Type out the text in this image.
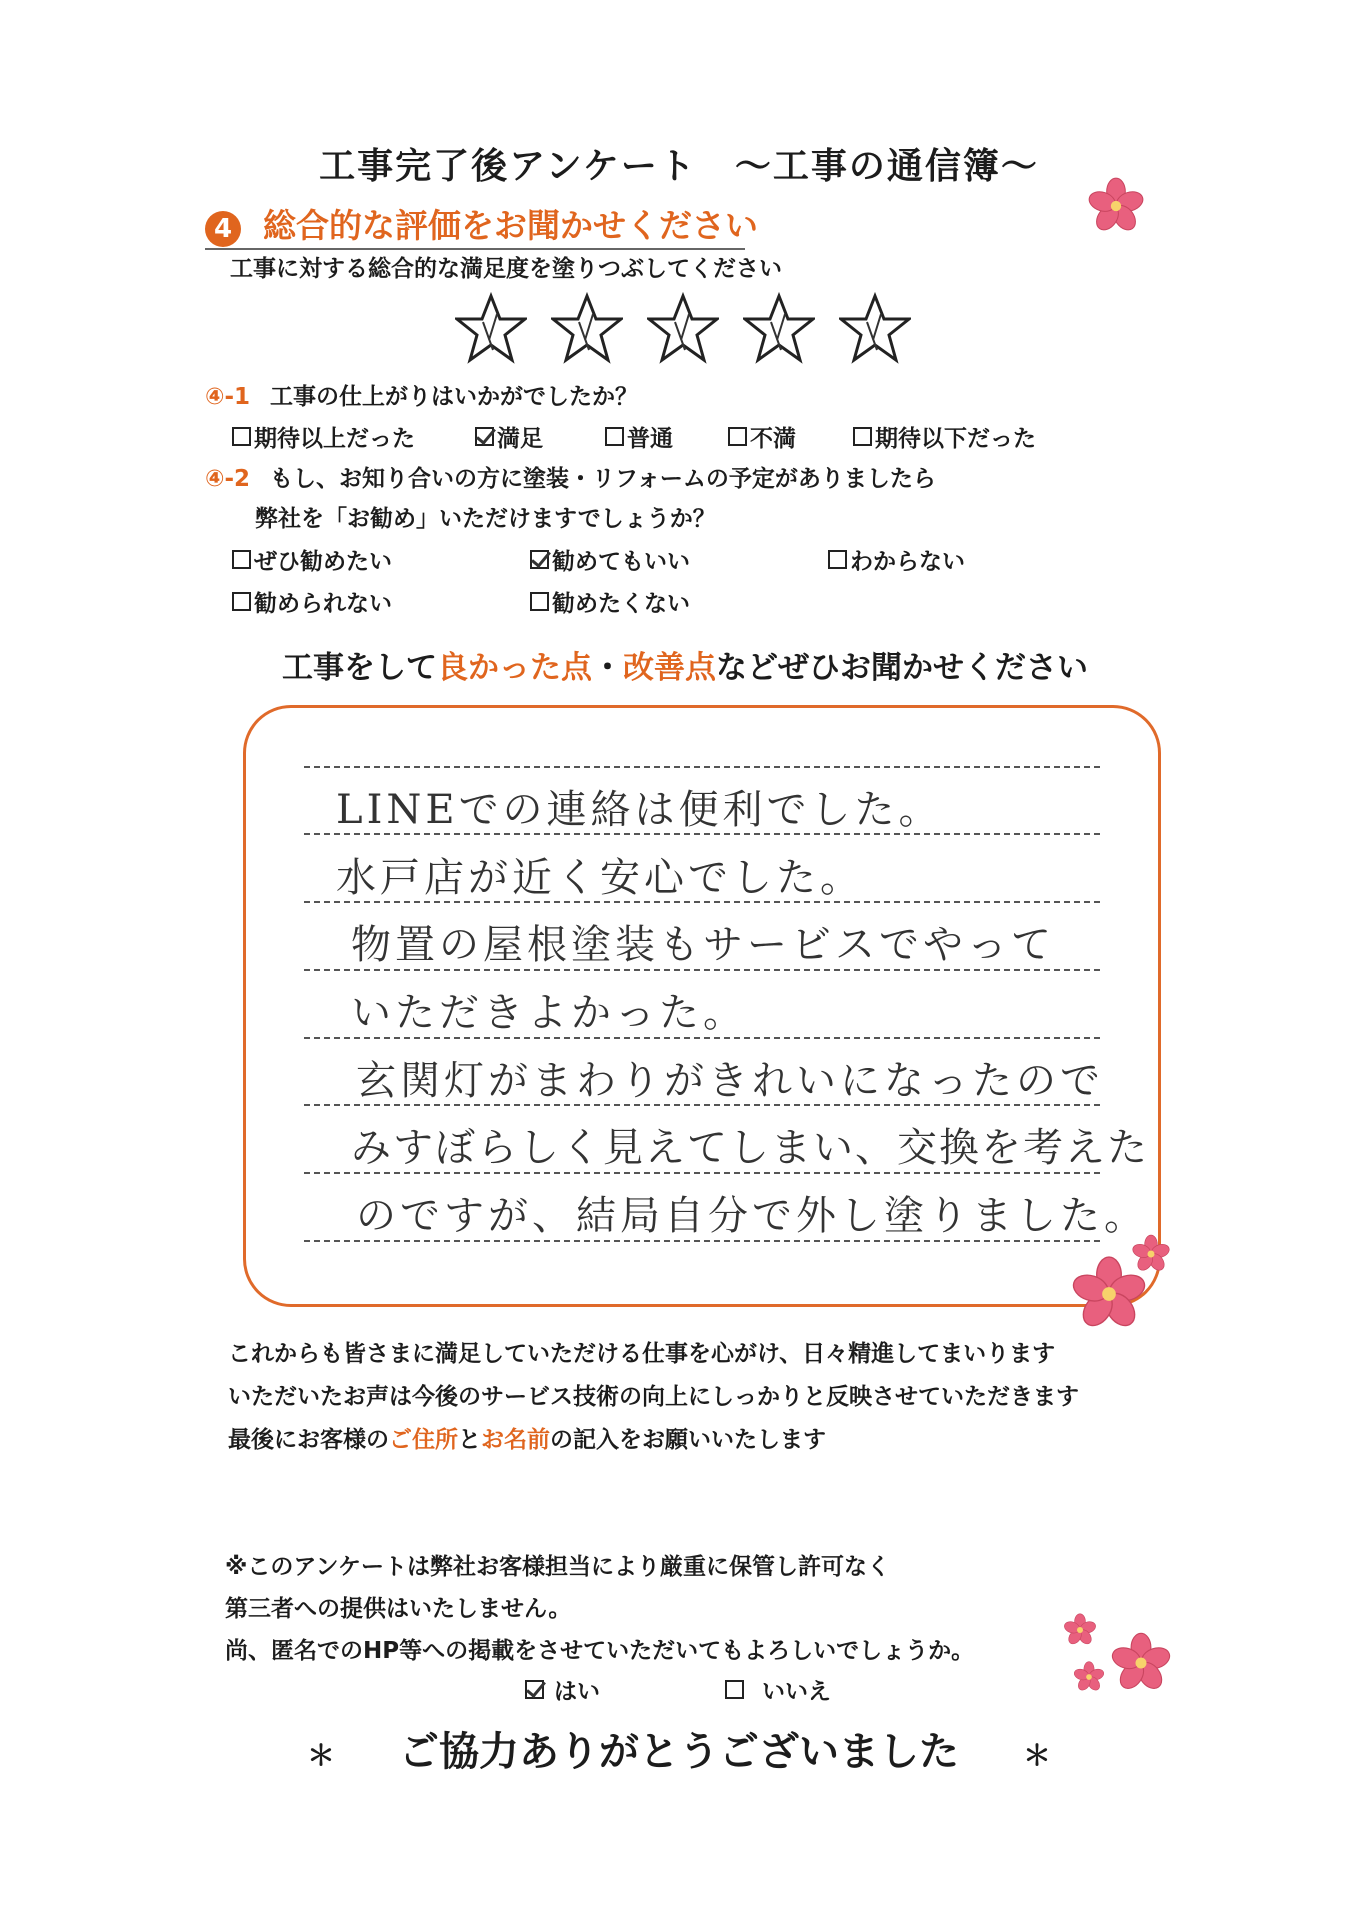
工事完了後アンケート　～工事の通信簿～
4 総合的な評価をお聞かせください
工事に対する総合的な満足度を塗りつぶしてください
④-1 工事の仕上がりはいかがでしたか？
期待以上だった	満足	普通	不満	期待以下だった
④-2 もし、お知り合いの方に塗装・リフォームの予定がありましたら
弊社を「お勧め」いただけますでしょうか？
ぜひ勧めたい	勧めてもいい	わからない
勧められない	勧めたくない
工事をして良かった点・改善点などぜひお聞かせください
LINEでの連絡は便利でした。
水戸店が近く安心でした。
物置の屋根塗装もサービスでやって
いただきよかった。
玄関灯がまわりがきれいになったので
みすぼらしく見えてしまい、交換を考えた
のですが、結局自分で外し塗りました。
これからも皆さまに満足していただける仕事を心がけ、日々精進してまいります
いただいたお声は今後のサービス技術の向上にしっかりと反映させていただきます
最後にお客様のご住所とお名前の記入をお願いいたします
※このアンケートは弊社お客様担当により厳重に保管し許可なく
第三者への提供はいたしません。
尚、匿名でのHP等への掲載をさせていただいてもよろしいでしょうか。
はい	いいえ
＊ ご協力ありがとうございました ＊
